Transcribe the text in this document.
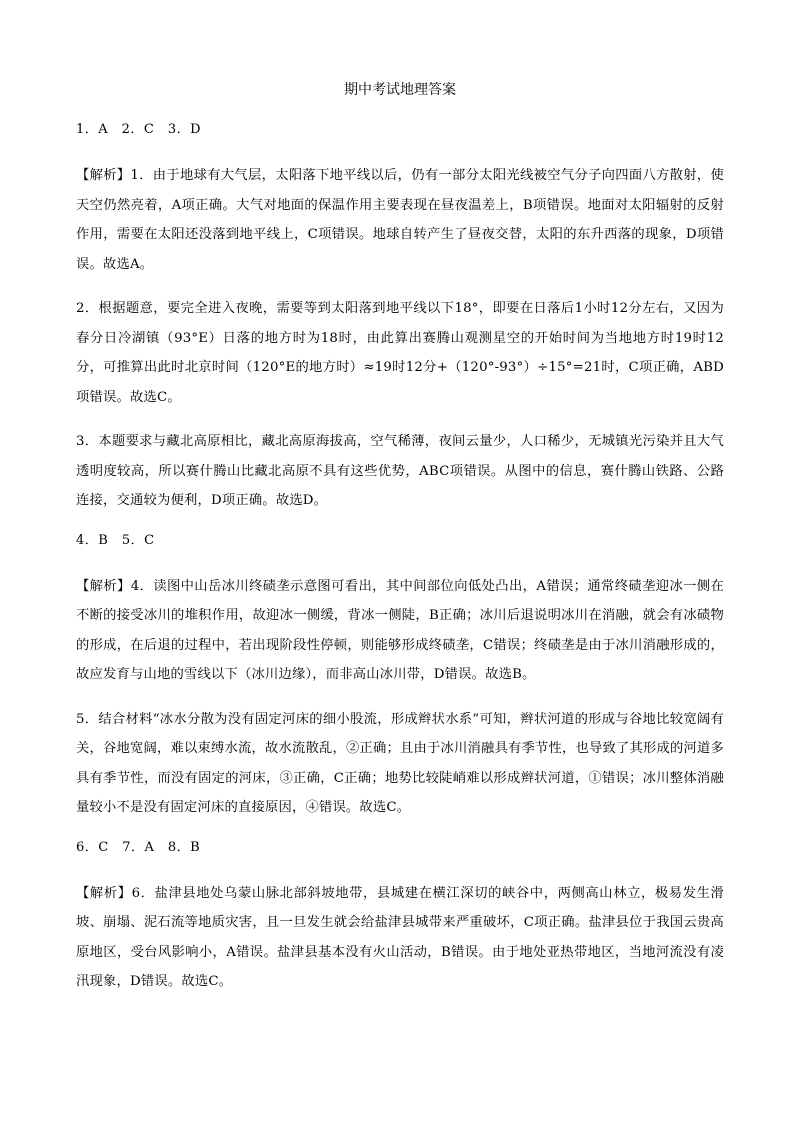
期中考试地理答案
1．A　2．C　3．D
【解析】1．由于地球有大气层，太阳落下地平线以后，仍有一部分太阳光线被空气分子向四面八方散射，使天空仍然亮着，A项正确。大气对地面的保温作用主要表现在昼夜温差上，B项错误。地面对太阳辐射的反射作用，需要在太阳还没落到地平线上，C项错误。地球自转产生了昼夜交替，太阳的东升西落的现象，D项错误。故选A。
2．根据题意，要完全进入夜晚，需要等到太阳落到地平线以下18°，即要在日落后1小时12分左右，又因为春分日冷湖镇（93°E）日落的地方时为18时，由此算出赛腾山观测星空的开始时间为当地地方时19时12分，可推算出此时北京时间（120°E的地方时）≈19时12分+（120°-93°）÷15°=21时，C项正确，ABD项错误。故选C。
3．本题要求与藏北高原相比，藏北高原海拔高，空气稀薄，夜间云量少，人口稀少，无城镇光污染并且大气透明度较高，所以赛什腾山比藏北高原不具有这些优势，ABC项错误。从图中的信息，赛什腾山铁路、公路连接，交通较为便利，D项正确。故选D。
4．B　5．C
【解析】4．读图中山岳冰川终碛垄示意图可看出，其中间部位向低处凸出，A错误；通常终碛垄迎冰一侧在不断的接受冰川的堆积作用，故迎冰一侧缓，背冰一侧陡，B正确；冰川后退说明冰川在消融，就会有冰碛物的形成，在后退的过程中，若出现阶段性停顿，则能够形成终碛垄，C错误；终碛垄是由于冰川消融形成的，故应发育与山地的雪线以下（冰川边缘），而非高山冰川带，D错误。故选B。
5．结合材料“冰水分散为没有固定河床的细小股流，形成辫状水系”可知，辫状河道的形成与谷地比较宽阔有关，谷地宽阔，难以束缚水流，故水流散乱，②正确；且由于冰川消融具有季节性，也导致了其形成的河道多具有季节性，而没有固定的河床，③正确，C正确；地势比较陡峭难以形成辫状河道，①错误；冰川整体消融量较小不是没有固定河床的直接原因，④错误。故选C。
6．C　7．A　8．B
【解析】6．盐津县地处乌蒙山脉北部斜坡地带，县城建在横江深切的峡谷中，两侧高山林立，极易发生滑坡、崩塌、泥石流等地质灾害，且一旦发生就会给盐津县城带来严重破坏，C项正确。盐津县位于我国云贵高原地区，受台风影响小，A错误。盐津县基本没有火山活动，B错误。由于地处亚热带地区，当地河流没有凌汛现象，D错误。故选C。
